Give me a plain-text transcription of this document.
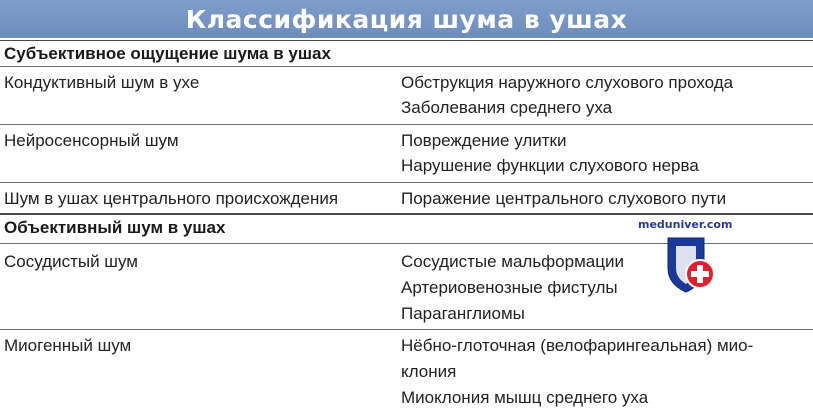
Классификация шума в ушах
Субъективное ощущение шума в ушах
Кондуктивный шум в ухе	Обструкция наружного слухового прохода
Заболевания среднего уха
Нейросенсорный шум	Повреждение улитки
Нарушение функции слухового нерва
Шум в ушах центрального происхождения	Поражение центрального слухового пути
Объективный шум в ушах
Сосудистый шум	Сосудистые мальформации
Артериовенозные фистулы
Параганглиомы
Миогенный шум	Нёбно-глоточная (велофарингеальная) мио-
клония
Миоклония мышц среднего уха
meduniver.com
